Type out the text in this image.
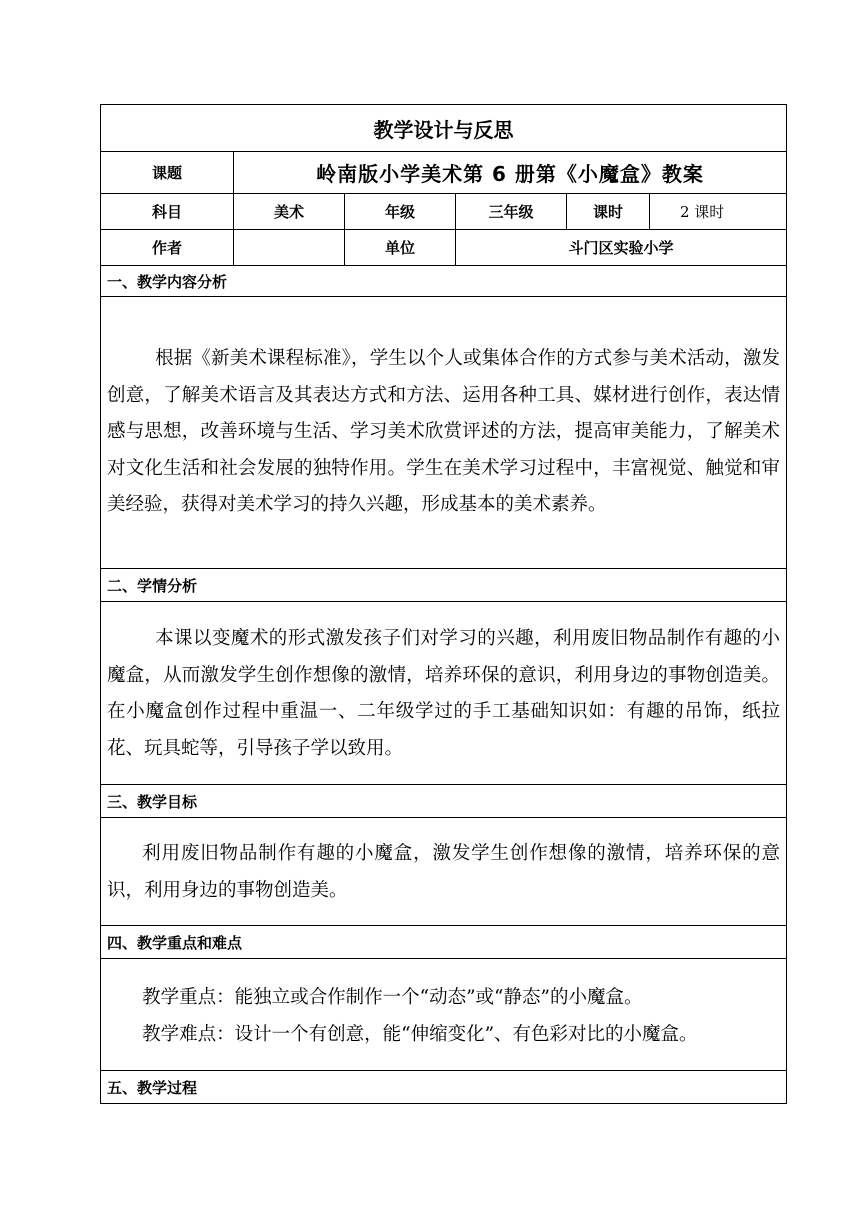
教学设计与反思					
课题	岭南版小学美术第 6 册第《小魔盒》教案				
科目	美术	年级	三年级	课时	2 课时
作者		单位	斗门区实验小学		
一、教学内容分析					

根据《新美术课程标准》，学生以个人或集体合作的方式参与美术活动，激发创意，了解美术语言及其表达方式和方法、运用各种工具、媒材进行创作，表达情感与思想，改善环境与生活、学习美术欣赏评述的方法，提高审美能力，了解美术对文化生活和社会发展的独特作用。学生在美术学习过程中，丰富视觉、触觉和审美经验，获得对美术学习的持久兴趣，形成基本的美术素养。					

二、学情分析					

本课以变魔术的形式激发孩子们对学习的兴趣，利用废旧物品制作有趣的小魔盒，从而激发学生创作想像的激情，培养环保的意识，利用身边的事物创造美。在小魔盒创作过程中重温一、二年级学过的手工基础知识如：有趣的吊饰，纸拉花、玩具蛇等，引导孩子学以致用。					

三、教学目标					

利用废旧物品制作有趣的小魔盒，激发学生创作想像的激情，培养环保的意识，利用身边的事物创造美。					

四、教学重点和难点					

教学重点：能独立或合作制作一个“动态”或“静态”的小魔盒。

教学难点：设计一个有创意，能“伸缩变化”、有色彩对比的小魔盒。					

五、教学过程					
